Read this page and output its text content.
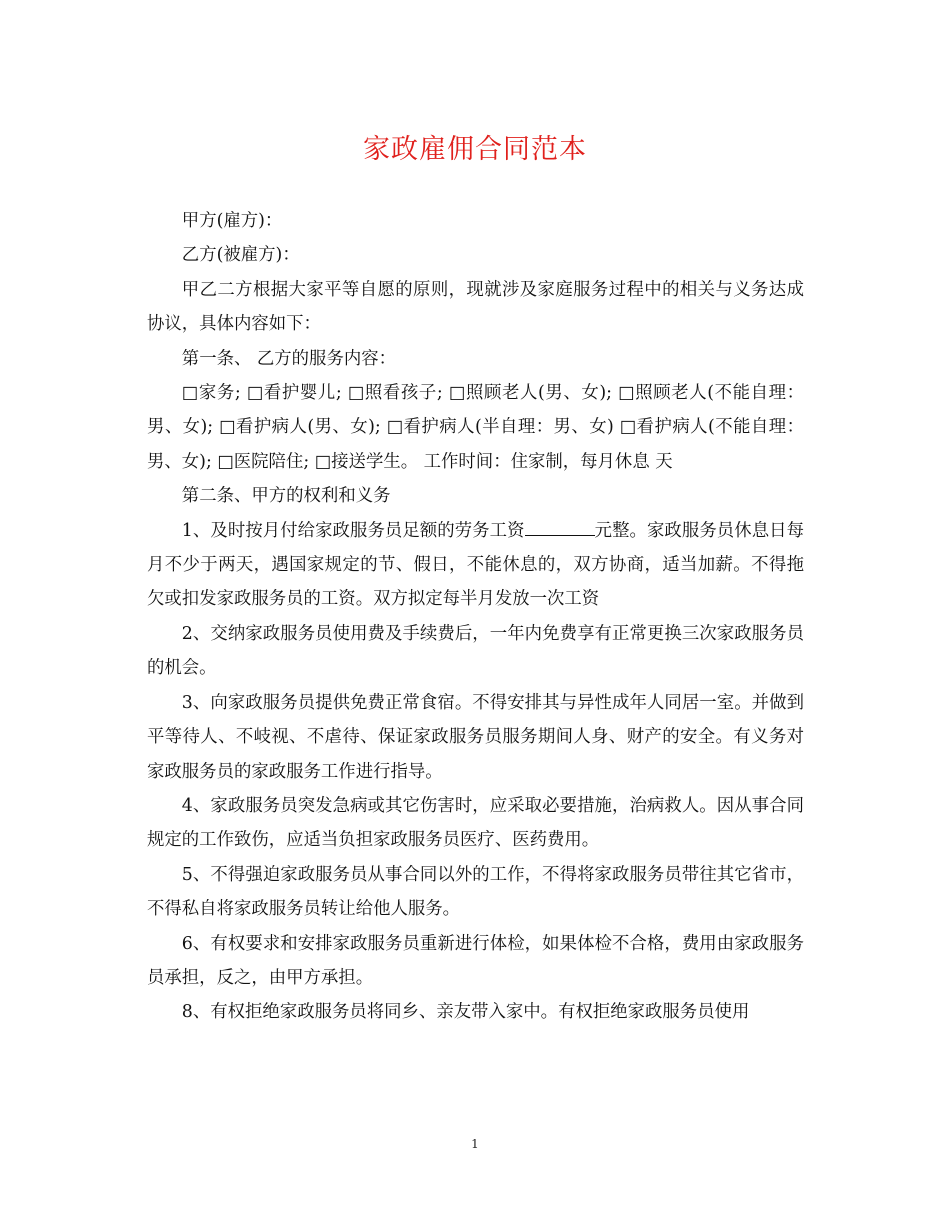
家政雇佣合同范本

甲方(雇方)：

乙方(被雇方)：

甲乙二方根据大家平等自愿的原则，现就涉及家庭服务过程中的相关与义务达成协议，具体内容如下：

第一条、 乙方的服务内容：

□家务; □看护婴儿; □照看孩子; □照顾老人(男、女); □照顾老人(不能自理：男、女); □看护病人(男、女); □看护病人(半自理：男、女) □看护病人(不能自理：男、女); □医院陪住; □接送学生。 工作时间：住家制，每月休息 天

第二条、甲方的权利和义务

1、及时按月付给家政服务员足额的劳务工资	元整。家政服务员休息日每月不少于两天，遇国家规定的节、假日，不能休息的，双方协商，适当加薪。不得拖欠或扣发家政服务员的工资。双方拟定每半月发放一次工资

2、交纳家政服务员使用费及手续费后，一年内免费享有正常更换三次家政服务员的机会。

3、向家政服务员提供免费正常食宿。不得安排其与异性成年人同居一室。并做到平等待人、不岐视、不虐待、保证家政服务员服务期间人身、财产的安全。有义务对家政服务员的家政服务工作进行指导。

4、家政服务员突发急病或其它伤害时，应采取必要措施，治病救人。因从事合同规定的工作致伤，应适当负担家政服务员医疗、医药费用。

5、不得强迫家政服务员从事合同以外的工作，不得将家政服务员带往其它省市，不得私自将家政服务员转让给他人服务。

6、有权要求和安排家政服务员重新进行体检，如果体检不合格，费用由家政服务员承担，反之，由甲方承担。

8、有权拒绝家政服务员将同乡、亲友带入家中。有权拒绝家政服务员使用

1
